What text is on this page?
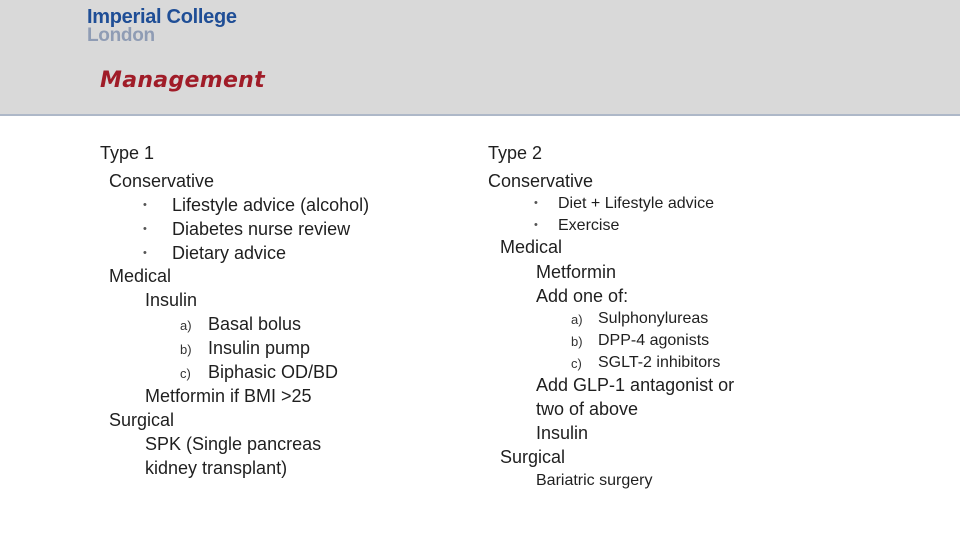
Imperial College
London
Management
Type 1
Conservative
• Lifestyle advice (alcohol)
• Diabetes nurse review
• Dietary advice
Medical
Insulin
a) Basal bolus
b) Insulin pump
c) Biphasic OD/BD
Metformin if BMI >25
Surgical
SPK (Single pancreas
kidney transplant)
Type 2
Conservative
• Diet + Lifestyle advice
• Exercise
Medical
Metformin
Add one of:
a) Sulphonylureas
b) DPP-4 agonists
c) SGLT-2 inhibitors
Add GLP-1 antagonist or
two of above
Insulin
Surgical
Bariatric surgery
